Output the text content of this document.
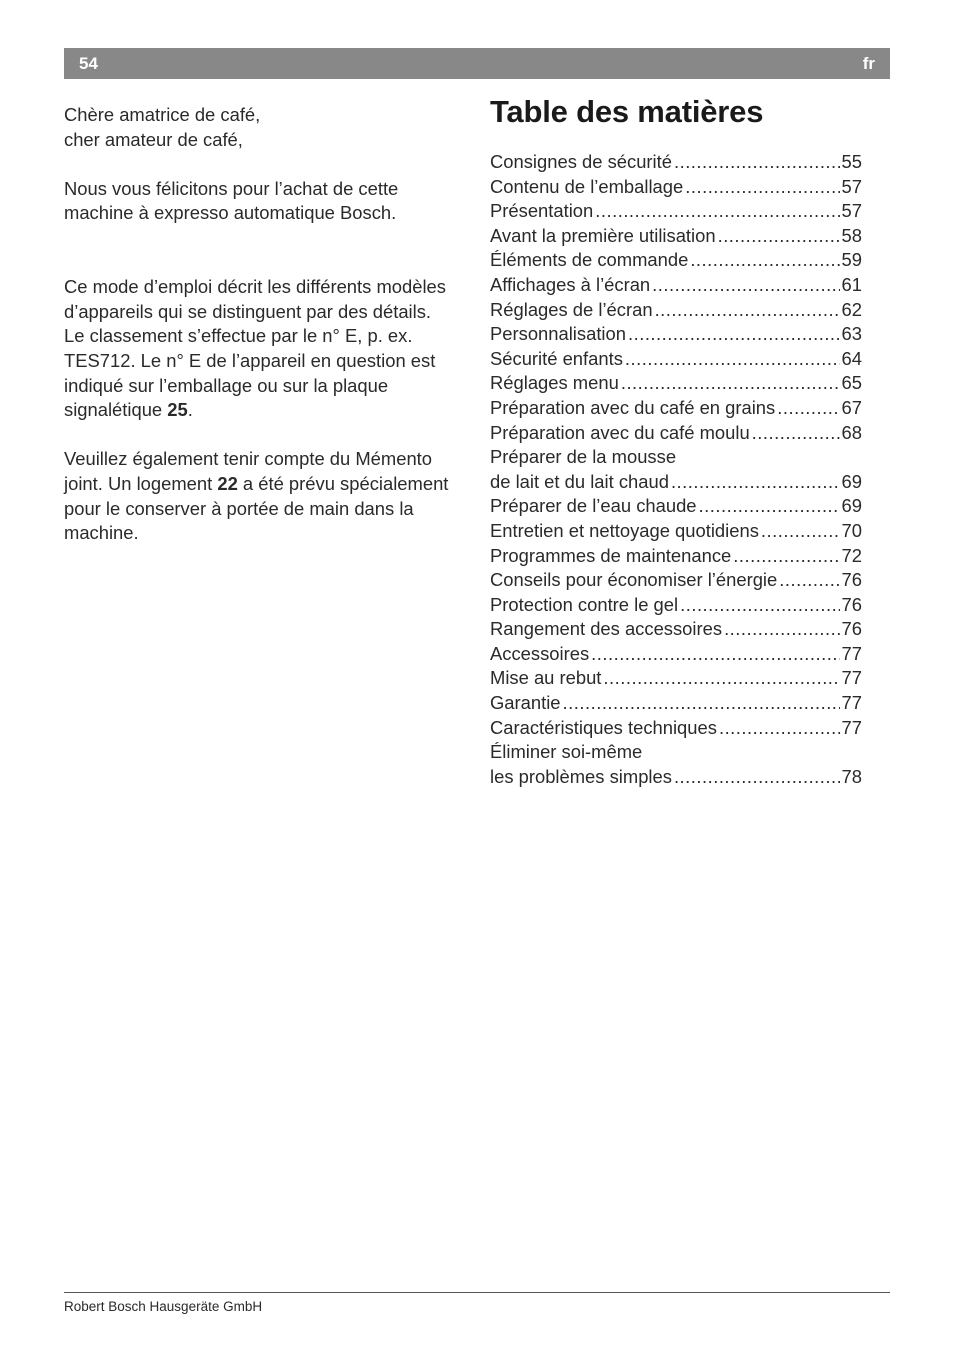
54	fr

Chère amatrice de café,

cher amateur de café,

Nous vous félicitons pour l’achat de cette machine à expresso automatique Bosch.

Ce mode d’emploi décrit les différents modèles d’appareils qui se distinguent par des détails.

Le classement s’effectue par le n° E, p. ex. TES712. Le n° E de l’appareil en question est indiqué sur l’emballage ou sur la plaque signalétique 25.

Veuillez également tenir compte du Mémento joint. Un logement 22 a été prévu spécialement pour le conserver à portée de main dans la machine.

Table des matières
Consignes de sécurité .....	55
Contenu de l’emballage .....	57
Présentation .....	57
Avant la première utilisation .....	58
Éléments de commande .....	59
Affichages à l’écran .....	61
Réglages de l’écran .....	62
Personnalisation .....	63
Sécurité enfants .....	64
Réglages menu .....	65
Préparation avec du café en grains .....	67
Préparation avec du café moulu .....	68
Préparer de la mousse
de lait et du lait chaud .....	69
Préparer de l’eau chaude .....	69
Entretien et nettoyage quotidiens .....	70
Programmes de maintenance .....	72
Conseils pour économiser l’énergie .....	76
Protection contre le gel .....	76
Rangement des accessoires .....	76
Accessoires .....	77
Mise au rebut .....	77
Garantie .....	77
Caractéristiques techniques .....	77
Éliminer soi-même
les problèmes simples .....	78
Robert Bosch Hausgeräte GmbH
